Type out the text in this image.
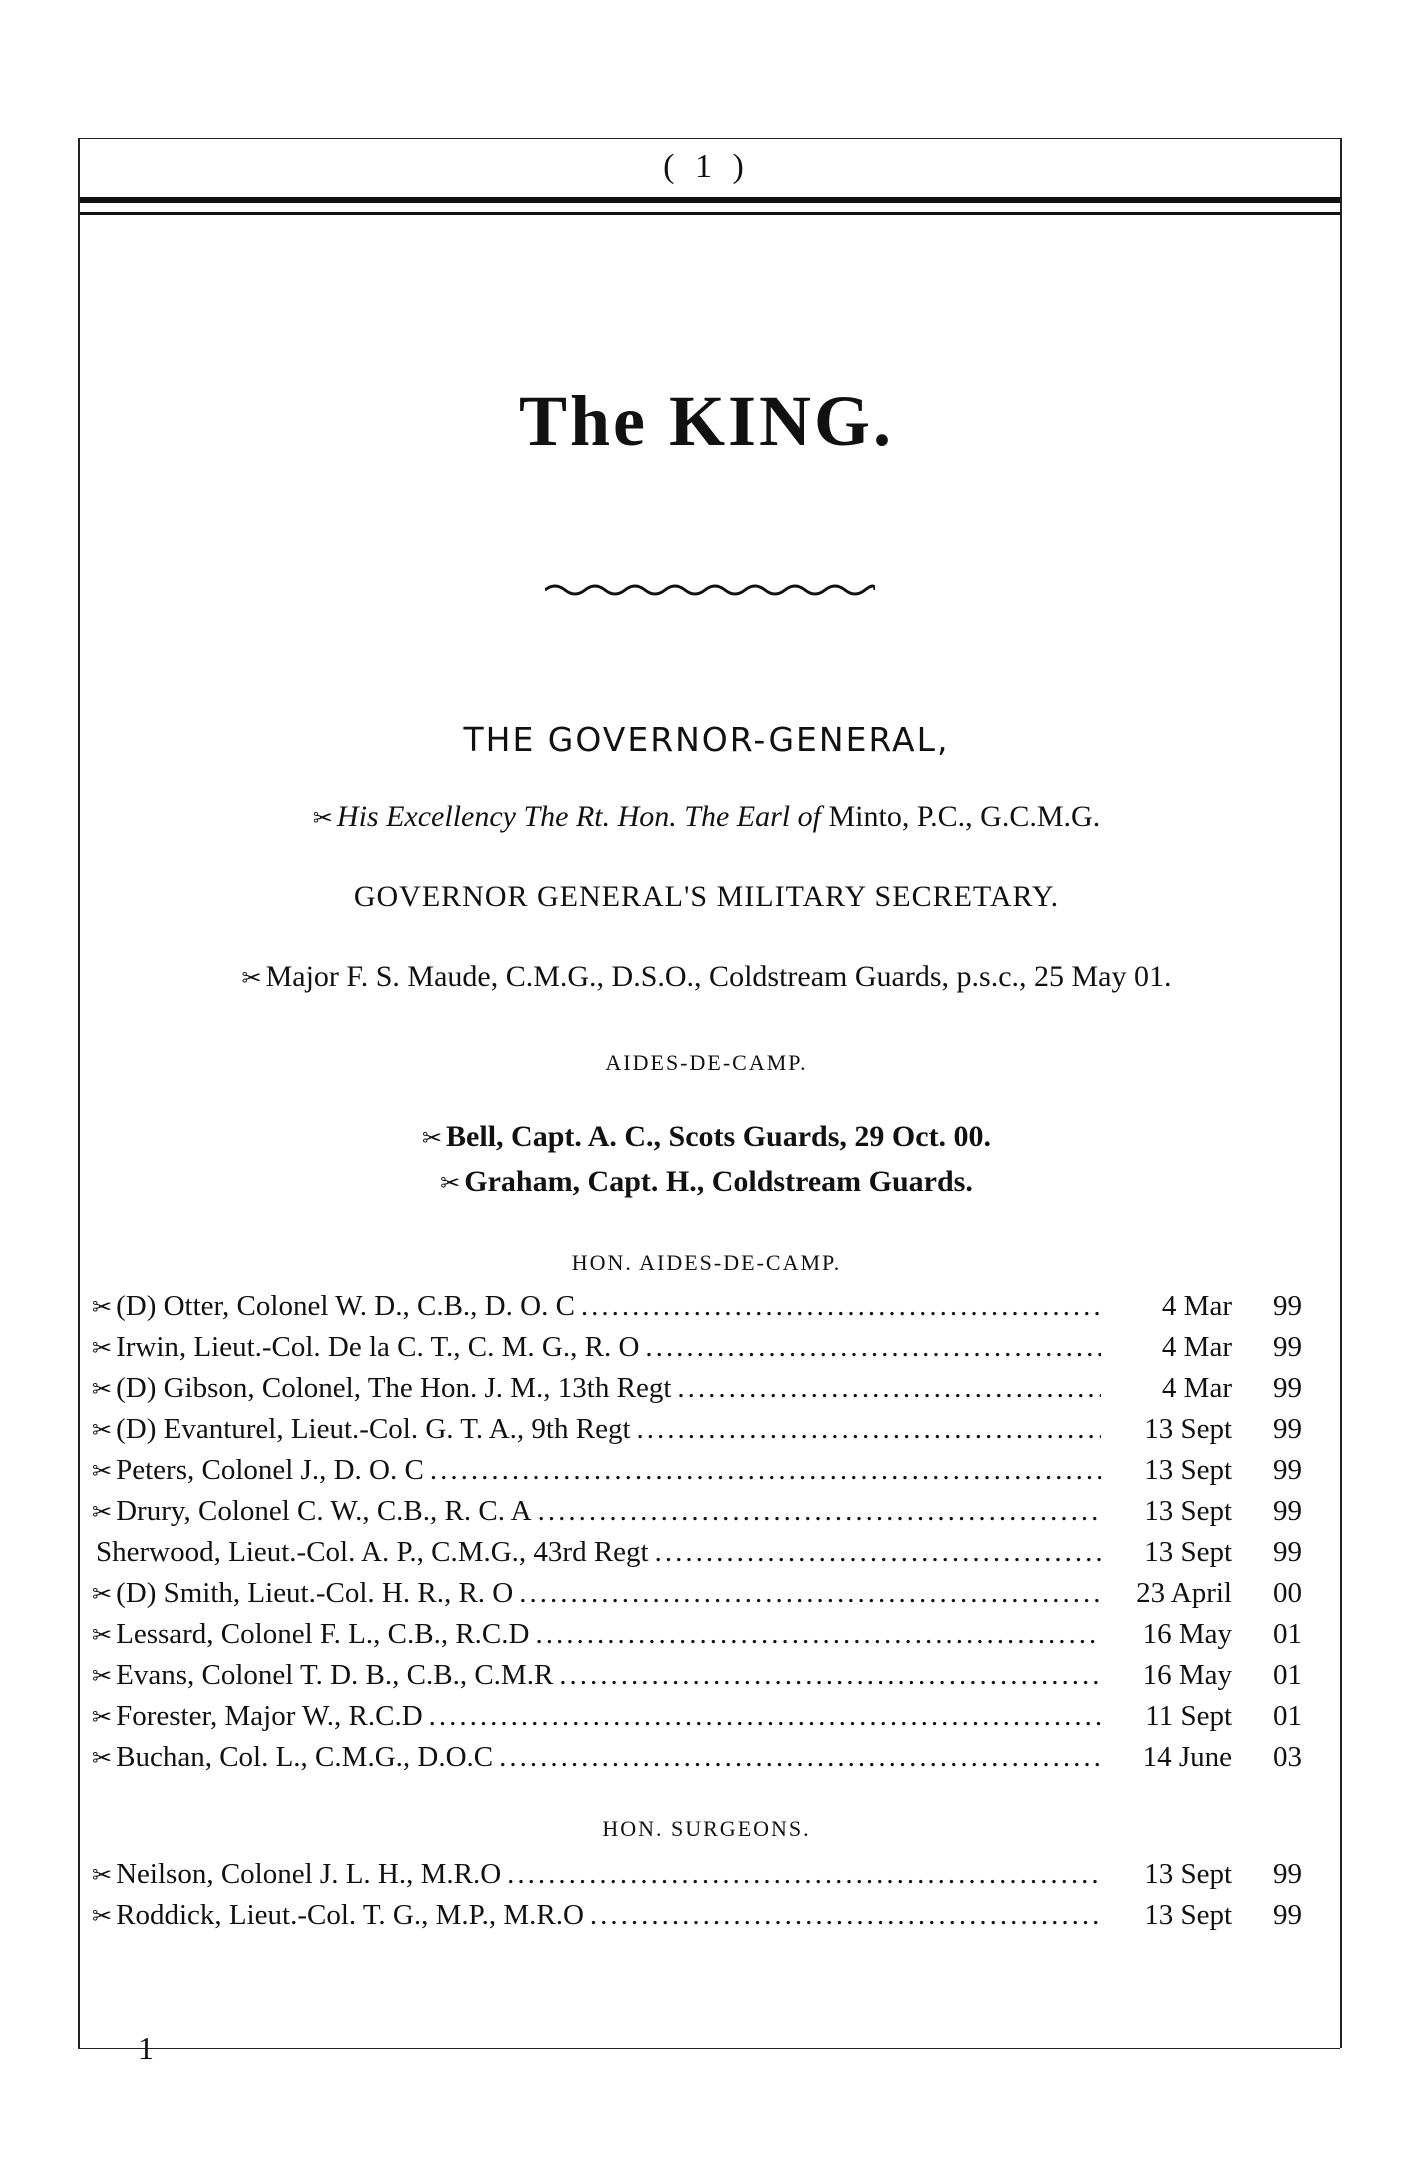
( 1 )
The KING.
THE GOVERNOR-GENERAL,
✂ His Excellency The Rt. Hon. The Earl of Minto, P.C., G.C.M.G.
GOVERNOR GENERAL'S MILITARY SECRETARY.
✂ Major F. S. Maude, C.M.G., D.S.O., Coldstream Guards, p.s.c., 25 May 01.
AIDES-DE-CAMP.
✂ Bell, Capt. A. C., Scots Guards, 29 Oct. 00.
✂ Graham, Capt. H., Coldstream Guards.
HON. AIDES-DE-CAMP.
✂ (D) Otter, Colonel W. D., C.B., D. O. C .....	4 Mar	99
✂ Irwin, Lieut.-Col. De la C. T., C. M. G., R. O .....	4 Mar	99
✂ (D) Gibson, Colonel, The Hon. J. M., 13th Regt .....	4 Mar	99
✂ (D) Evanturel, Lieut.-Col. G. T. A., 9th Regt .....	13 Sept	99
✂ Peters, Colonel J., D. O. C .....	13 Sept	99
✂ Drury, Colonel C. W., C.B., R. C. A .....	13 Sept	99
Sherwood, Lieut.-Col. A. P., C.M.G., 43rd Regt .....	13 Sept	99
✂ (D) Smith, Lieut.-Col. H. R., R. O .....	23 April	00
✂ Lessard, Colonel F. L., C.B., R.C.D .....	16 May	01
✂ Evans, Colonel T. D. B., C.B., C.M.R .....	16 May	01
✂ Forester, Major W., R.C.D .....	11 Sept	01
✂ Buchan, Col. L., C.M.G., D.O.C .....	14 June	03
HON. SURGEONS.
✂ Neilson, Colonel J. L. H., M.R.O .....	13 Sept	99
✂ Roddick, Lieut.-Col. T. G., M.P., M.R.O .....	13 Sept	99
1
